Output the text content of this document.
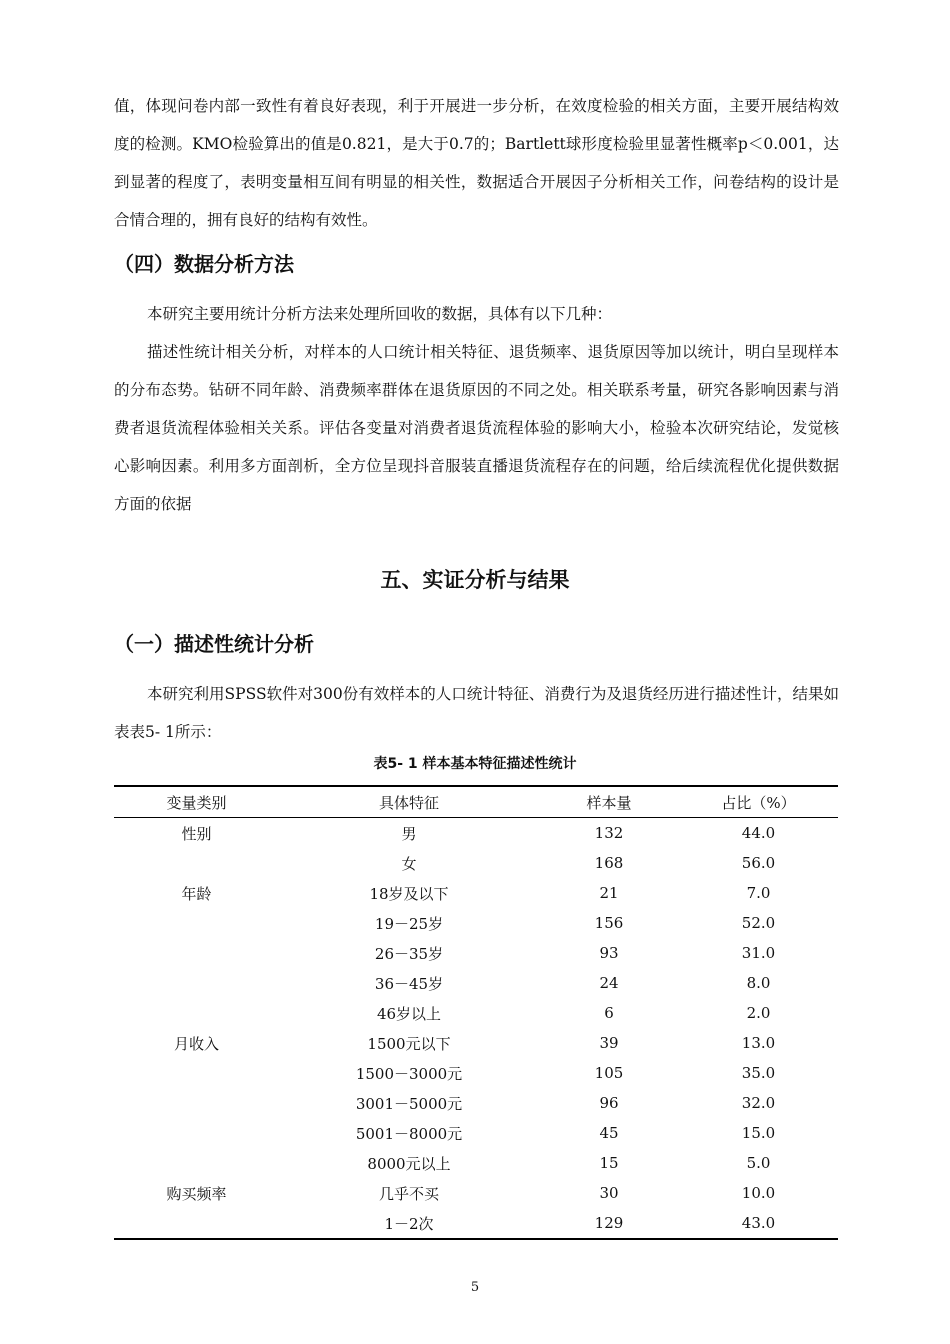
值，体现问卷内部一致性有着良好表现，利于开展进一步分析，在效度检验的相关方面，主要开展结构效度的检测。KMO检验算出的值是0.821，是大于0.7的；Bartlett球形度检验里显著性概率p＜0.001，达到显著的程度了，表明变量相互间有明显的相关性，数据适合开展因子分析相关工作，问卷结构的设计是合情合理的，拥有良好的结构有效性。

（四）数据分析方法

本研究主要用统计分析方法来处理所回收的数据，具体有以下几种：

描述性统计相关分析，对样本的人口统计相关特征、退货频率、退货原因等加以统计，明白呈现样本的分布态势。钻研不同年龄、消费频率群体在退货原因的不同之处。相关联系考量，研究各影响因素与消费者退货流程体验相关关系。评估各变量对消费者退货流程体验的影响大小，检验本次研究结论，发觉核心影响因素。利用多方面剖析，全方位呈现抖音服装直播退货流程存在的问题，给后续流程优化提供数据方面的依据

五、实证分析与结果
（一）描述性统计分析

本研究利用SPSS软件对300份有效样本的人口统计特征、消费行为及退货经历进行描述性计，结果如表表5- 1所示：

表5- 1 样本基本特征描述性统计

变量类别	具体特征	样本量	占比（%）
性别	男	132	44.0
	女	168	56.0
年龄	18岁及以下	21	7.0
	19－25岁	156	52.0
	26－35岁	93	31.0
	36－45岁	24	8.0
	46岁以上	6	2.0
月收入	1500元以下	39	13.0
	1500－3000元	105	35.0
	3001－5000元	96	32.0
	5001－8000元	45	15.0
	8000元以上	15	5.0
购买频率	几乎不买	30	10.0
	1－2次	129	43.0
5
